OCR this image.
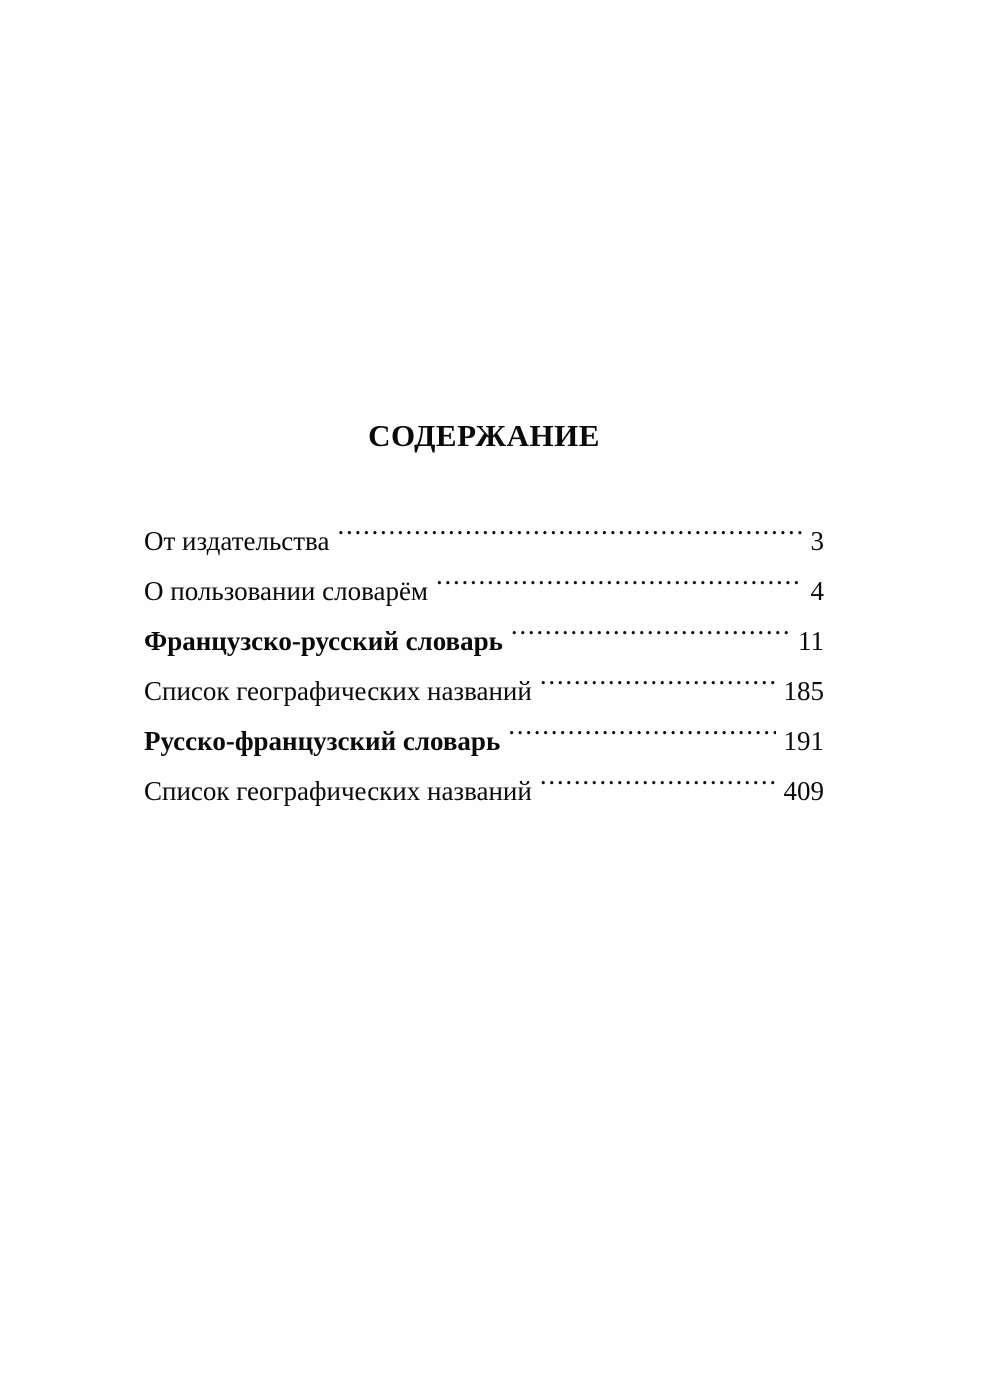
СОДЕРЖАНИЕ
От издательства . . .	3
О пользовании словарём . . .	4
Французско-русский словарь . . .	11
Список географических названий . . .	185
Русско-французский словарь . . .	191
Список географических названий . . .	409
